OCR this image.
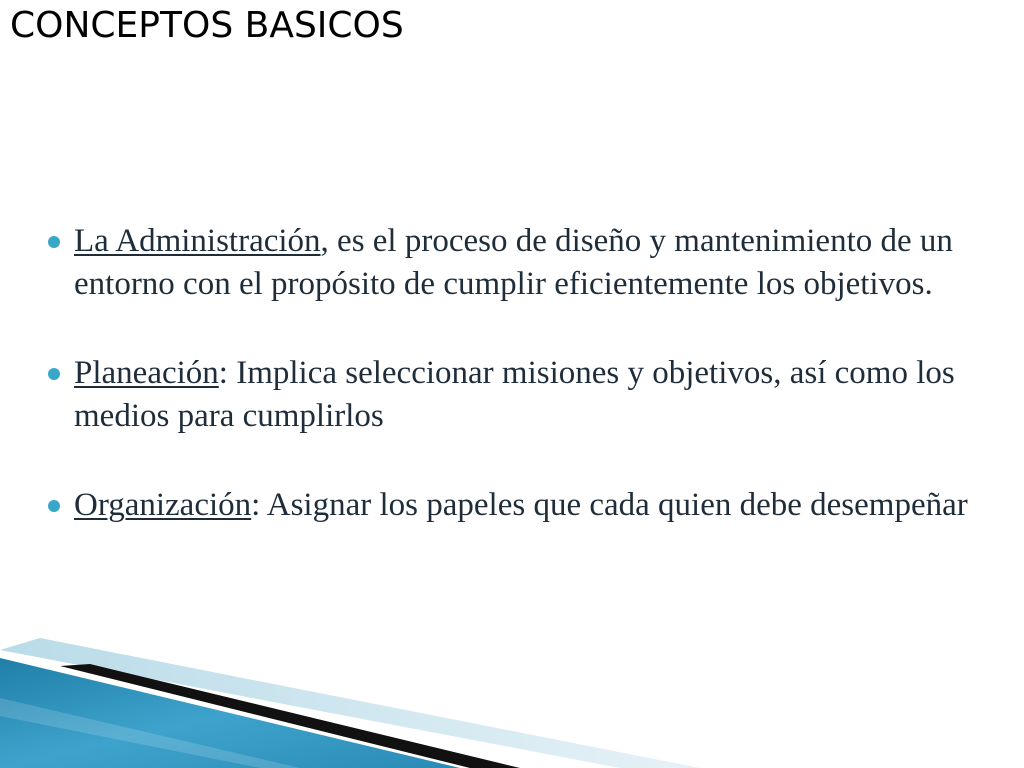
CONCEPTOS BASICOS
La Administración, es el proceso de diseño y mantenimiento de un entorno con el propósito de cumplir eficientemente los objetivos.
Planeación: Implica seleccionar misiones y objetivos, así como los medios para cumplirlos
Organización: Asignar los papeles que cada quien debe desempeñar
